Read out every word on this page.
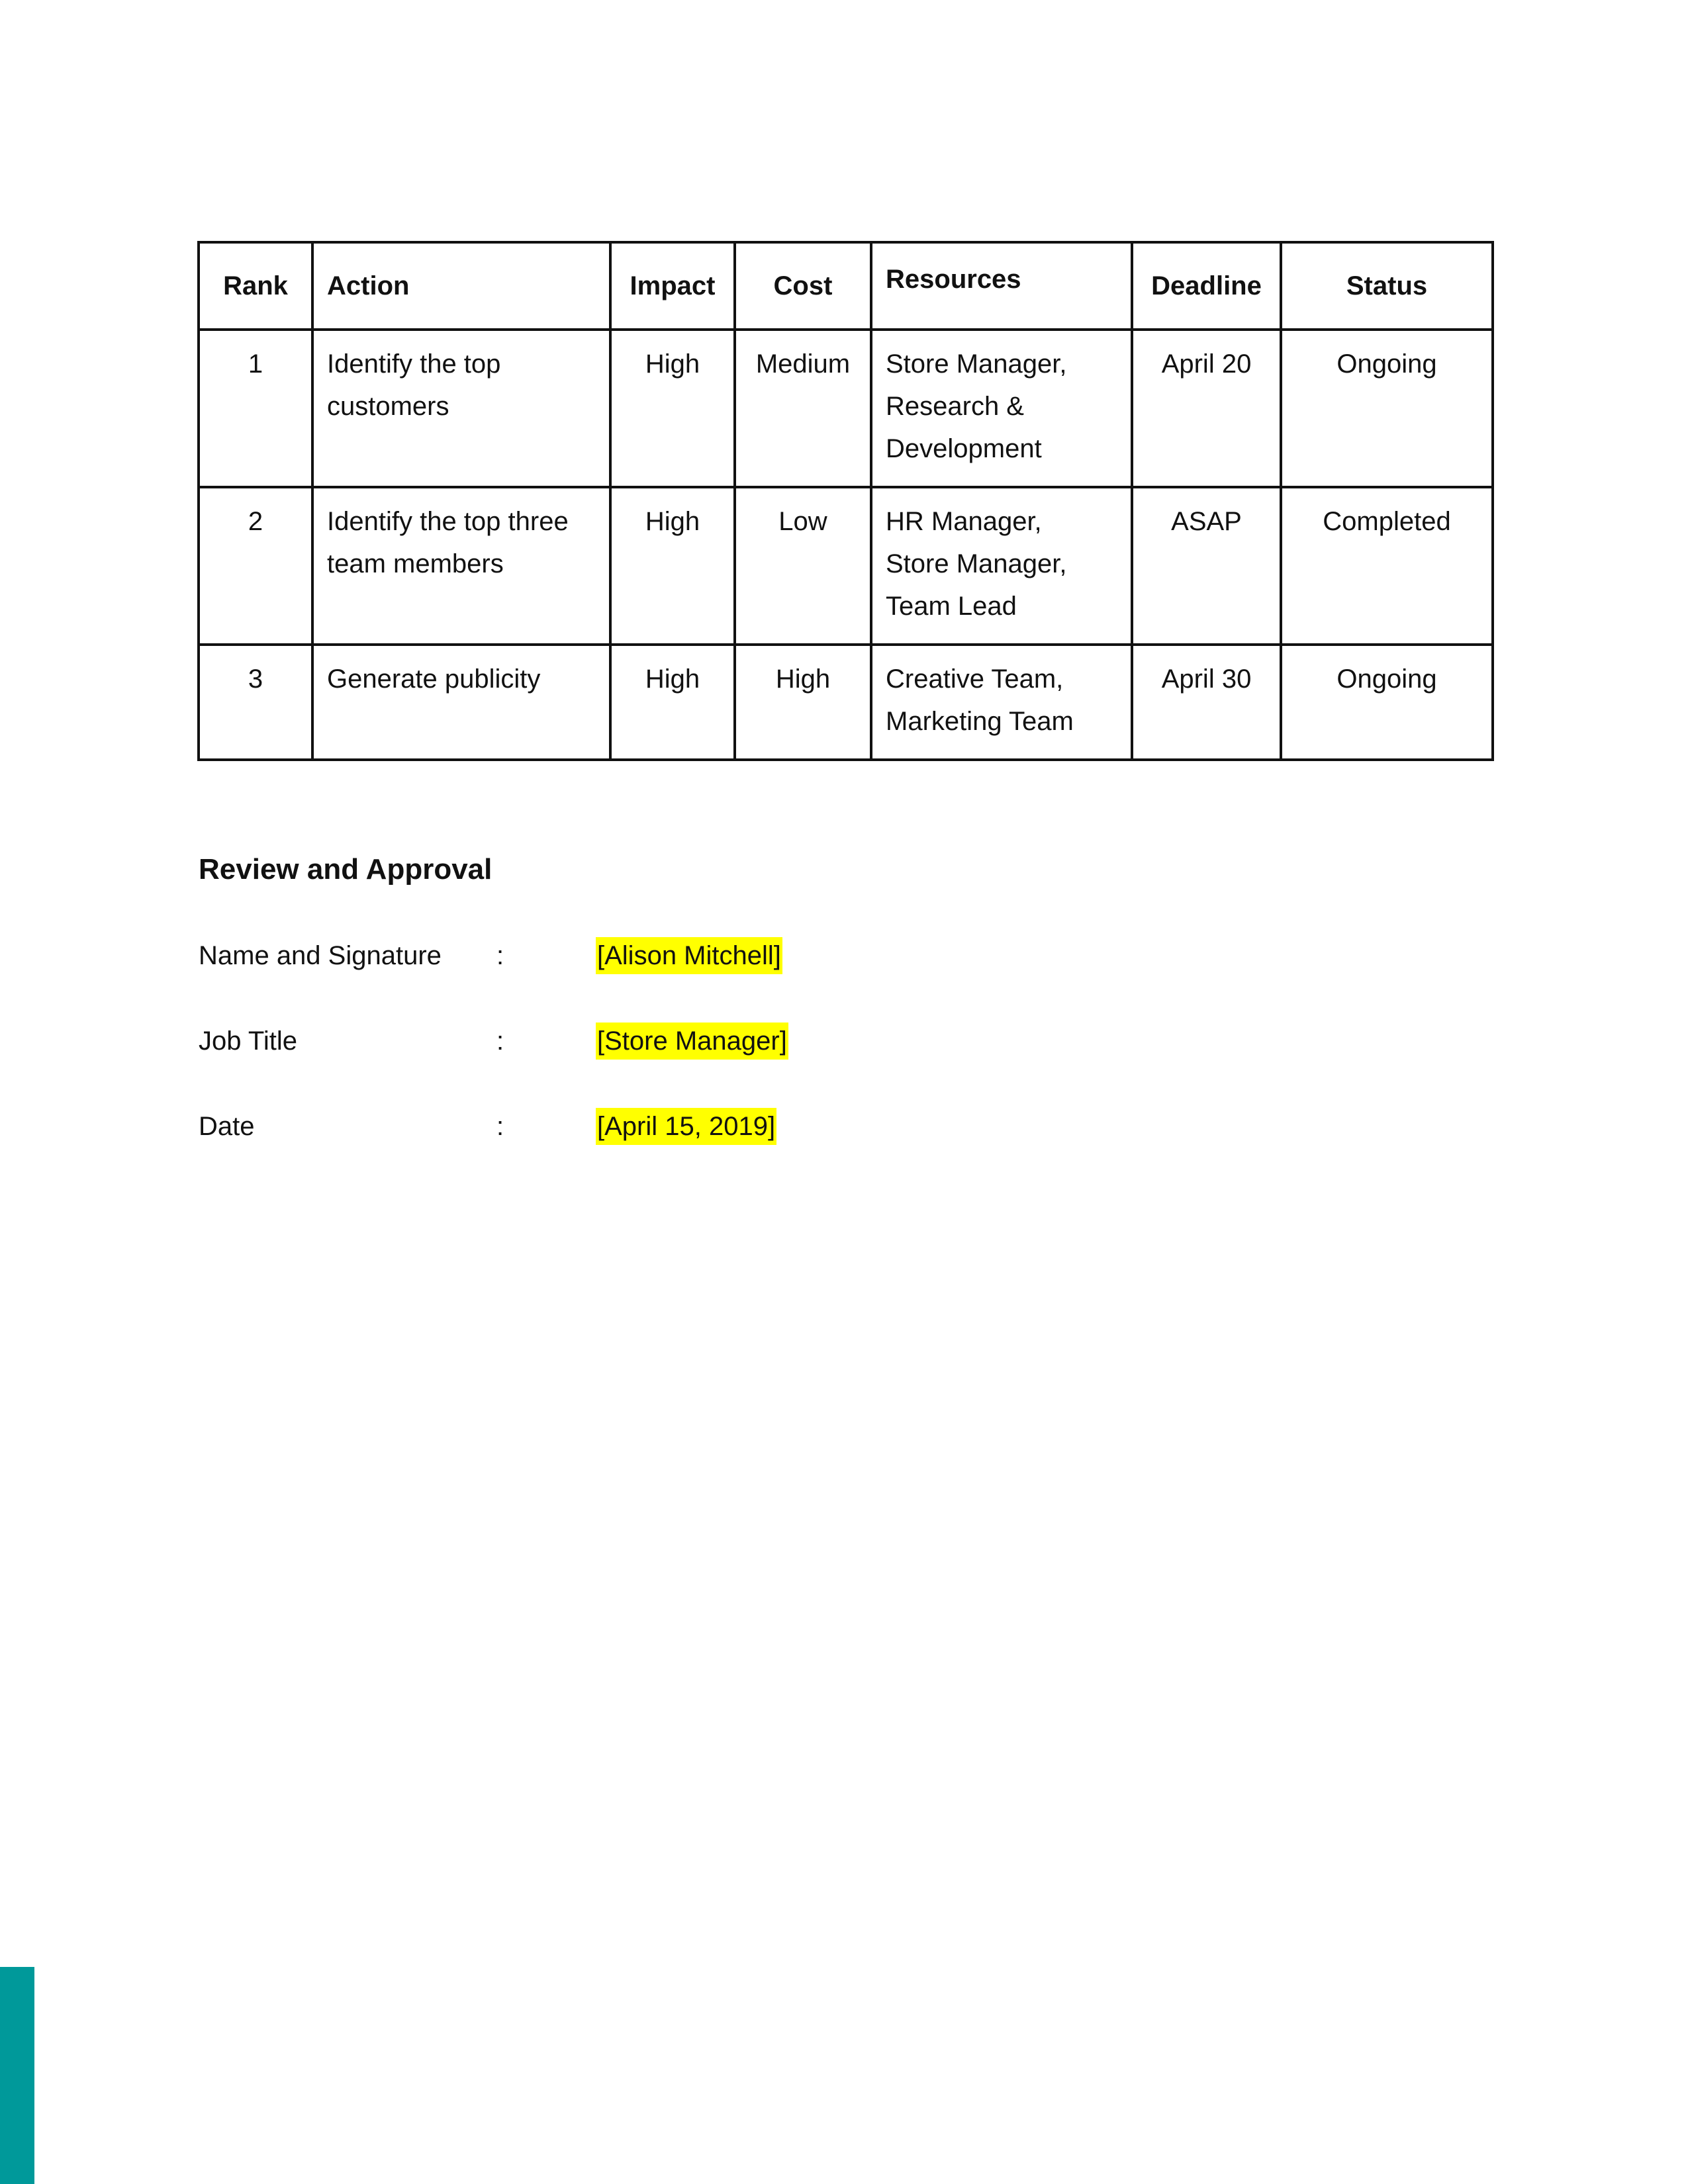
Rank	Action	Impact	Cost	Resources	Deadline	Status
1	Identify the top customers	High	Medium	Store Manager,
Research &
Development	April 20	Ongoing
2	Identify the top three team members	High	Low	HR Manager,
Store Manager,
Team Lead	ASAP	Completed
3	Generate publicity	High	High	Creative Team,
Marketing Team	April 30	Ongoing
Review and Approval
Name and Signature :	[Alison Mitchell]
Job Title	:	[Store Manager]
Date	:	[April 15, 2019]
